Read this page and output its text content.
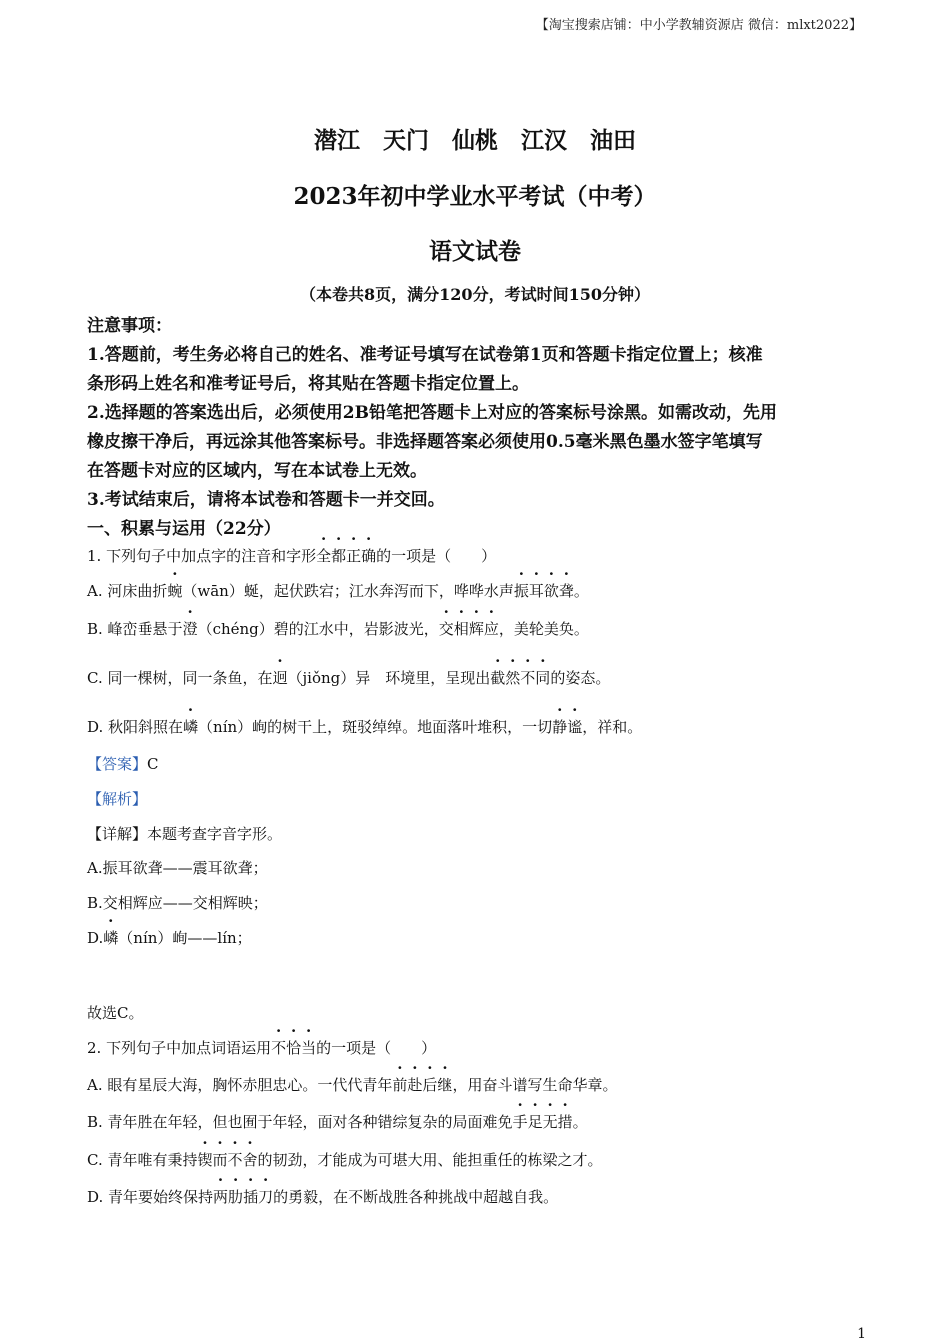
【淘宝搜索店铺：中小学教辅资源店 微信：mlxt2022】
潜江　天门　仙桃　江汉　油田
2023年初中学业水平考试（中考）
语文试卷
（本卷共8页，满分120分，考试时间150分钟）
注意事项：
1.答题前，考生务必将自己的姓名、准考证号填写在试卷第1页和答题卡指定位置上；核准
条形码上姓名和准考证号后，将其贴在答题卡指定位置上。
2.选择题的答案选出后，必须使用2B铅笔把答题卡上对应的答案标号涂黑。如需改动，先用
橡皮擦干净后，再远涂其他答案标号。非选择题答案必须使用0.5毫米黑色墨水签字笔填写
在答题卡对应的区域内，写在本试卷上无效。
3.考试结束后，请将本试卷和答题卡一并交回。
一、积累与运用（22分）
1. 下列句子中加点字的注音和字形全都正确的一项是（　　）
A. 河床曲折蜿（wān）蜒，起伏跌宕；江水奔泻而下，哗哗水声振耳欲聋。
B. 峰峦垂悬于澄（chéng）碧的江水中，岩影波光，交相辉应，美轮美奂。
C. 同一棵树，同一条鱼，在迥（jiǒng）异　环境里，呈现出截然不同的姿态。
D. 秋阳斜照在嶙（nín）峋的树干上，斑驳绰绰。地面落叶堆积，一切静谧，祥和。
【答案】C
【解析】
【详解】本题考查字音字形。
A.振耳欲聋——震耳欲聋；
B.交相辉应——交相辉映；
D.嶙（nín）峋——lín；
故选C。
2. 下列句子中加点词语运用不恰当的一项是（　　）
A. 眼有星辰大海，胸怀赤胆忠心。一代代青年前赴后继，用奋斗谱写生命华章。
B. 青年胜在年轻，但也囿于年轻，面对各种错综复杂的局面难免手足无措。
C. 青年唯有秉持锲而不舍的韧劲，才能成为可堪大用、能担重任的栋梁之才。
D. 青年要始终保持两肋插刀的勇毅，在不断战胜各种挑战中超越自我。
1
